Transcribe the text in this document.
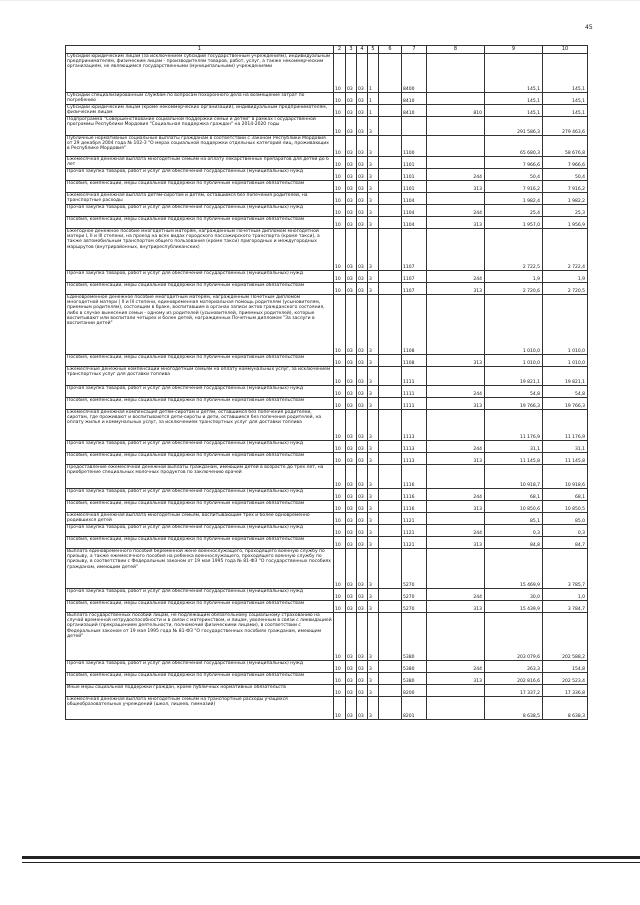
45
1	2	3	4	5	6	7	8	9	10
Субсидии юридическим лицам (за исключением субсидий государственным учреждениям), индивидуальным предпринимателям, физическим лицам - производителям товаров, работ, услуг, а также некоммерческим организациям, не являющимся государственными (муниципальными) учреждениями	10	03	03	1		8400		145,1	145,1
Субсидии специализированным службам по вопросам похоронного дела на возмещение затрат по погребению	10	03	03	1		8410		145,1	145,1
Субсидии юридическим лицам (кроме некоммерческих организаций), индивидуальным предпринимателям, физическим лицам	10	03	03	1		8410	810	145,1	145,1
Подпрограмма "Совершенствование социальной поддержки семьи и детей" в рамках Государственной программы Республики Мордовия "Социальная поддержка граждан" на 2014-2020 годы	10	03	03	3				291 586,3	279 463,6
Публичные нормативные социальные выплаты гражданам в соответствии с Законом Республики Мордовия от 29 декабря 2004 года № 102-З "О мерах социальной поддержки отдельных категорий лиц, проживающих в Республике Мордовия"	10	03	03	3		1100		65 680,3	58 676,8
Ежемесячная денежная выплата многодетным семьям на оплату лекарственных препаратов для детей до 6 лет	10	03	03	3		1101		7 966,6	7 966,6
Прочая закупка товаров, работ и услуг для обеспечения государственных (муниципальных) нужд	10	03	03	3		1101	244	50,4	50,4
Пособия, компенсации, меры социальной поддержки по публичным нормативным обязательствам	10	03	03	3		1101	313	7 916,2	7 916,2
Ежемесячная денежная выплата детям-сиротам и детям, оставшимся без попечения родителей, на транспортные расходы	10	03	03	3		1104		1 982,4	1 982,2
Прочая закупка товаров, работ и услуг для обеспечения государственных (муниципальных) нужд	10	03	03	3		1104	244	25,4	25,3
Пособия, компенсации, меры социальной поддержки по публичным нормативным обязательствам	10	03	03	3		1104	313	1 957,0	1 956,9
Ежегодное денежное пособие многодетным матерям, награжденным Почетным дипломом многодетной матери I, II и III степени, на проезд на всех видах городского пассажирского транспорта (кроме такси), а также автомобильным транспортом общего пользования (кроме такси) пригородных и междугородных маршрутов (внутрирайонных, внутриреспубликанских)	10	03	03	3		1107		2 722,5	2 722,4
Прочая закупка товаров, работ и услуг для обеспечения государственных (муниципальных) нужд	10	03	03	3		1107	244	1,9	1,9
Пособия, компенсации, меры социальной поддержки по публичным нормативным обязательствам	10	03	03	3		1107	313	2 720,6	2 720,5
Единовременное денежное пособие многодетным матерям, награжденным Почетным дипломом многодетной матери ( II и III степени, единовременная материальная помощь родителям (усыновителям, приемным родителям), состоящим в браке, воспитавшим в органах записи актов гражданского состояния, либо в случае вынесения семьи - одному из родителей (усыновителей, приемных родителей), которые воспитывают или воспитали четырех и более детей, награжденных Почетным дипломом "За заслуги в воспитании детей"	10	03	03	3		1108		1 010,0	1 010,0
Пособия, компенсации, меры социальной поддержки по публичным нормативным обязательствам	10	03	03	3		1108	313	1 010,0	1 010,0
Ежемесячные денежные компенсации многодетным семьям на оплату коммунальных услуг, за исключением транспортных услуг для доставки топлива	10	03	03	3		1111		19 821,1	19 821,1
Прочая закупка товаров, работ и услуг для обеспечения государственных (муниципальных) нужд	10	03	03	3		1111	244	54,8	54,8
Пособия, компенсации, меры социальной поддержки по публичным нормативным обязательствам	10	03	03	3		1111	313	19 766,3	19 766,3
Ежемесячная денежная компенсация детям-сиротам и детям, оставшимся без попечения родителей, сиротам, где проживают и воспитываются дети-сироты и дети, оставшиеся без попечения родителей, на оплату жилья и коммунальных услуг, за исключением транспортных услуг для доставки топлива	10	03	03	3		1113		11 176,9	11 176,9
Прочая закупка товаров, работ и услуг для обеспечения государственных (муниципальных) нужд	10	03	03	3		1113	244	31,1	31,1
Пособия, компенсации, меры социальной поддержки по публичным нормативным обязательствам	10	03	03	3		1113	313	11 145,8	11 145,8
Предоставление ежемесячной денежной выплаты гражданам, имеющим детей в возрасте до трех лет, на приобретение специальных молочных продуктов по заключению врачей	10	03	03	3		1116		10 918,7	10 918,6
Прочая закупка товаров, работ и услуг для обеспечения государственных (муниципальных) нужд	10	03	03	3		1116	244	68,1	68,1
Пособия, компенсации, меры социальной поддержки по публичным нормативным обязательствам	10	03	03	3		1116	313	10 850,6	10 850,5
Ежемесячная денежная выплата многодетным семьям, воспитывающим трех и более одновременно родившихся детей	10	03	03	3		1121		85,1	85,0
Прочая закупка товаров, работ и услуг для обеспечения государственных (муниципальных) нужд	10	03	03	3		1121	244	0,3	0,3
Пособия, компенсации, меры социальной поддержки по публичным нормативным обязательствам	10	03	03	3		1121	313	84,8	84,7
Выплата единовременного пособия беременной жене военнослужащего, проходящего военную службу по призыву, а также ежемесячного пособия на ребенка военнослужащего, проходящего военную службу по призыву, в соответствии с Федеральным законом от 19 мая 1995 года № 81-ФЗ "О государственных пособиях гражданам, имеющим детей"	10	03	03	3		5270		15 469,9	3 785,7
Прочая закупка товаров, работ и услуг для обеспечения государственных (муниципальных) нужд	10	03	03	3		5270	244	30,0	1,0
Пособия, компенсации, меры социальной поддержки по публичным нормативным обязательствам	10	03	03	3		5270	313	15 439,9	3 784,7
Выплата государственных пособий лицам, не подлежащим обязательному социальному страхованию на случай временной нетрудоспособности и в связи с материнством, и лицам, уволенным в связи с ликвидацией организаций (прекращением деятельности, полномочий физическими лицами), в соответствии с Федеральным законом от 19 мая 1995 года № 81-ФЗ "О государственных пособиях гражданам, имеющим детей"	10	03	03	3		5380		203 079,6	202 588,2
Прочая закупка товаров, работ и услуг для обеспечения государственных (муниципальных) нужд	10	03	03	3		5380	244	263,3	154,8
Пособия, компенсации, меры социальной поддержки по публичным нормативным обязательствам	10	03	03	3		5380	313	202 816,6	202 523,4
Иные меры социальной поддержки граждан, кроме публичных нормативных обязательств	10	03	03	3		8200		17 337,2	17 336,8
Ежемесячная денежная выплата многодетным семьям на транспортные расходы учащихся общеобразовательных учреждений (школ, лицеев, гимназий)	10	03	03	3		8201		8 638,5	8 638,3
